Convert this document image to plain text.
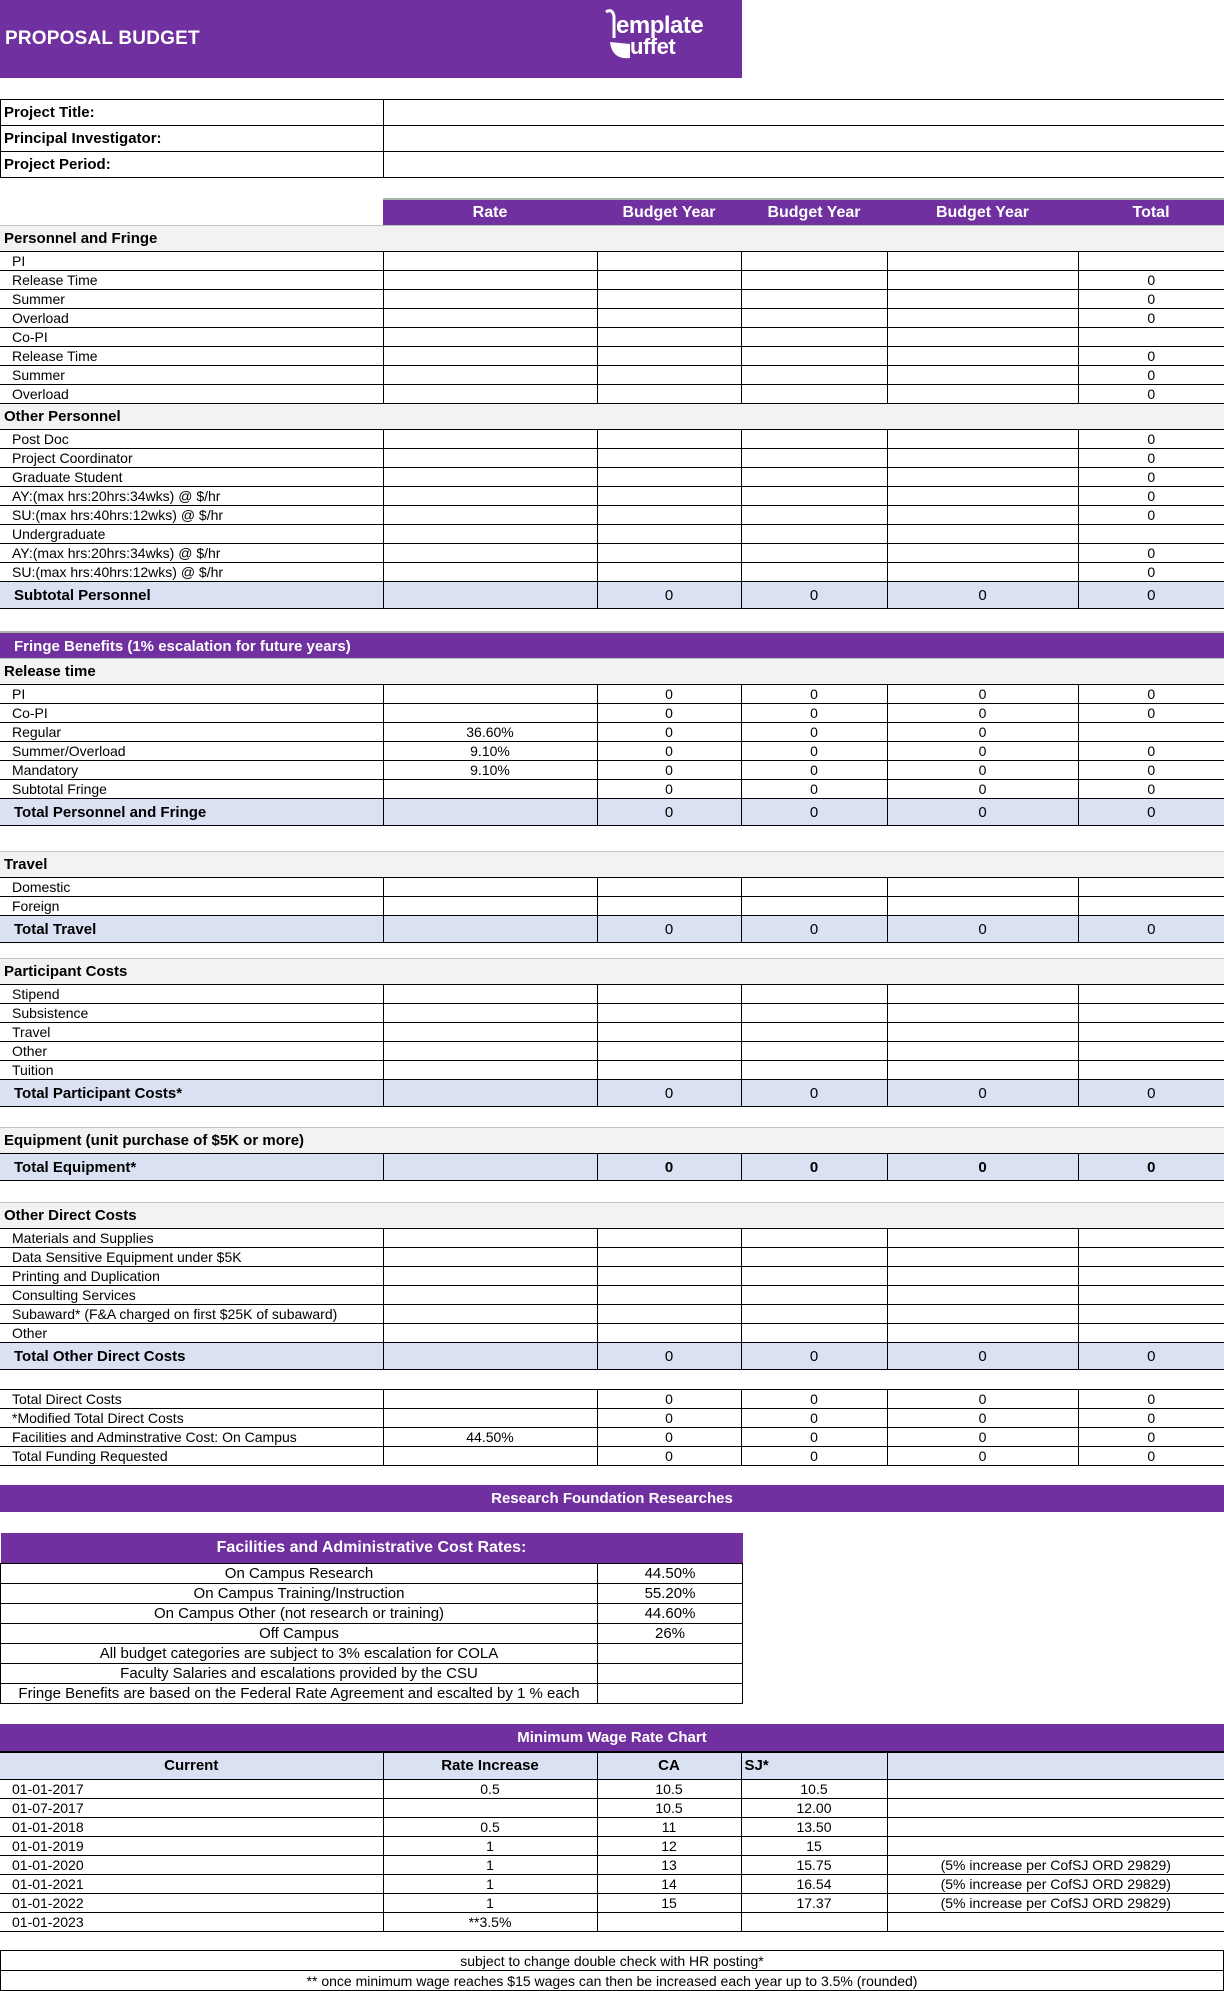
PROPOSAL BUDGET	emplate
uffet
Project Title:	
Principal Investigator:	
Project Period:	
Rate	Budget Year	Budget Year	Budget Year	Total
Personnel and Fringe					
PI					
Release Time					0
Summer					0
Overload					0
Co-PI					
Release Time					0
Summer					0
Overload					0
Other Personnel					
Post Doc					0
Project Coordinator					0
Graduate Student					0
AY:(max hrs:20hrs:34wks) @ $/hr					0
SU:(max hrs:40hrs:12wks) @ $/hr					0
Undergraduate					
AY:(max hrs:20hrs:34wks) @ $/hr					0
SU:(max hrs:40hrs:12wks) @ $/hr					0
Subtotal Personnel		0	0	0	0
Fringe Benefits (1% escalation for future years)
Release time					
PI		0	0	0	0
Co-PI		0	0	0	0
Regular	36.60%	0	0	0	
Summer/Overload	9.10%	0	0	0	0
Mandatory	9.10%	0	0	0	0
Subtotal Fringe		0	0	0	0
Total Personnel and Fringe		0	0	0	0
Travel					
Domestic					
Foreign					
Total Travel		0	0	0	0
Participant Costs					
Stipend					
Subsistence					
Travel					
Other					
Tuition					
Total Participant Costs*		0	0	0	0
Equipment (unit purchase of $5K or more)
Total Equipment*		0	0	0	0
Other Direct Costs					
Materials and Supplies					
Data Sensitive Equipment under $5K					
Printing and Duplication					
Consulting Services					
Subaward* (F&A charged on first $25K of subaward)					
Other					
Total Other Direct Costs		0	0	0	0
Total Direct Costs		0	0	0	0
*Modified Total Direct Costs		0	0	0	0
Facilities and Adminstrative Cost: On Campus	44.50%	0	0	0	0
Total Funding Requested		0	0	0	0
Research Foundation Researches
Facilities and Administrative Cost Rates:	
On Campus Research	44.50%
On Campus Training/Instruction	55.20%
On Campus Other (not research or training)	44.60%
Off Campus	26%
All budget categories are subject to 3% escalation for COLA	
Faculty Salaries and escalations provided by the CSU	
Fringe Benefits are based on the Federal Rate Agreement and escalted by 1 % each	
Minimum Wage Rate Chart
Current	Rate Increase	CA	SJ*	
01-01-2017	0.5	10.5	10.5	
01-07-2017		10.5	12.00	
01-01-2018	0.5	11	13.50	
01-01-2019	1	12	15	
01-01-2020	1	13	15.75	(5% increase per CofSJ ORD 29829)
01-01-2021	1	14	16.54	(5% increase per CofSJ ORD 29829)
01-01-2022	1	15	17.37	(5% increase per CofSJ ORD 29829)
01-01-2023	**3.5%			
subject to change double check with HR posting*
** once minimum wage reaches $15 wages can then be increased each year up to 3.5% (rounded)
